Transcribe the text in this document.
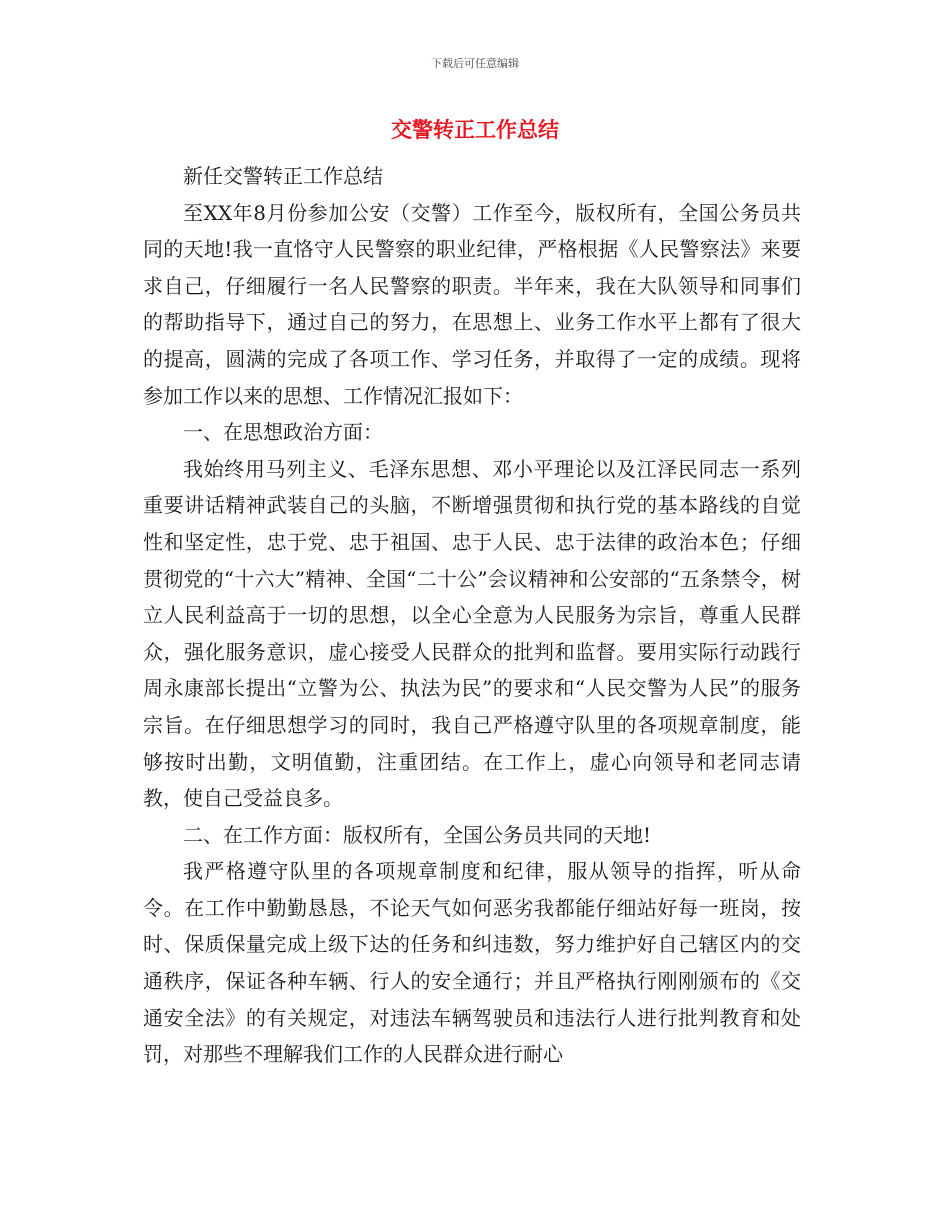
下载后可任意编辑
交警转正工作总结

新任交警转正工作总结

至XX年8月份参加公安（交警）工作至今，版权所有，全国公务员共同的天地!我一直恪守人民警察的职业纪律，严格根据《人民警察法》来要求自己，仔细履行一名人民警察的职责。半年来，我在大队领导和同事们的帮助指导下，通过自己的努力，在思想上、业务工作水平上都有了很大的提高，圆满的完成了各项工作、学习任务，并取得了一定的成绩。现将参加工作以来的思想、工作情况汇报如下：

一、在思想政治方面：

我始终用马列主义、毛泽东思想、邓小平理论以及江泽民同志一系列重要讲话精神武装自己的头脑，不断增强贯彻和执行党的基本路线的自觉性和坚定性，忠于党、忠于祖国、忠于人民、忠于法律的政治本色；仔细贯彻党的“十六大”精神、全国“二十公”会议精神和公安部的“五条禁令，树立人民利益高于一切的思想，以全心全意为人民服务为宗旨，尊重人民群众，强化服务意识，虚心接受人民群众的批判和监督。要用实际行动践行周永康部长提出“立警为公、执法为民”的要求和“人民交警为人民”的服务宗旨。在仔细思想学习的同时，我自己严格遵守队里的各项规章制度，能够按时出勤，文明值勤，注重团结。在工作上，虚心向领导和老同志请教，使自己受益良多。

二、在工作方面：版权所有，全国公务员共同的天地!

我严格遵守队里的各项规章制度和纪律，服从领导的指挥，听从命令。在工作中勤勤恳恳，不论天气如何恶劣我都能仔细站好每一班岗，按时、保质保量完成上级下达的任务和纠违数，努力维护好自己辖区内的交通秩序，保证各种车辆、行人的安全通行；并且严格执行刚刚颁布的《交通安全法》的有关规定，对违法车辆驾驶员和违法行人进行批判教育和处罚，对那些不理解我们工作的人民群众进行耐心
